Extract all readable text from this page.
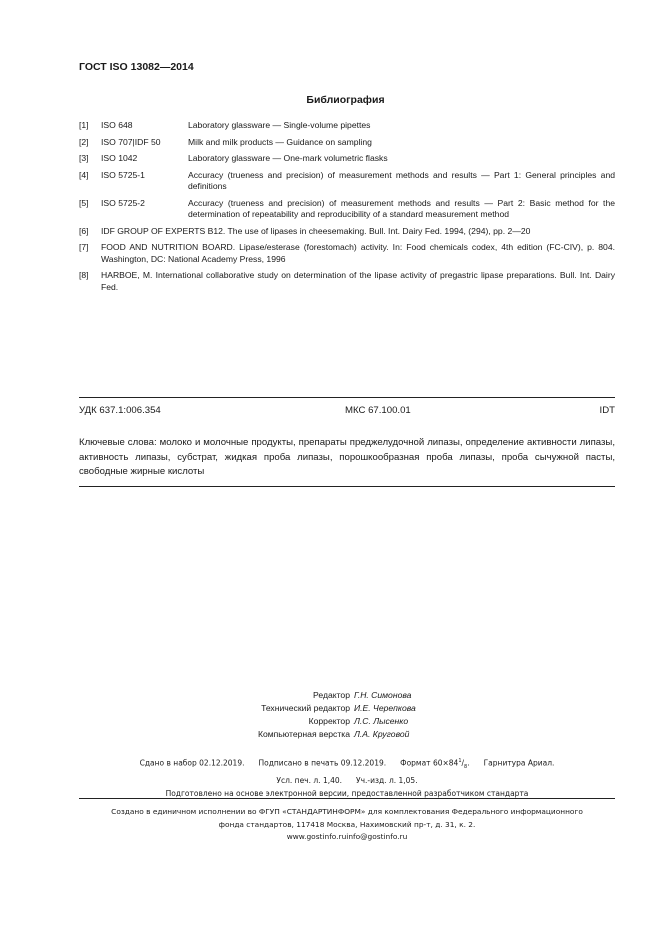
ГОСТ ISO 13082—2014
Библиография
[1]	ISO 648	Laboratory glassware — Single-volume pipettes
[2]	ISO 707|IDF 50	Milk and milk products — Guidance on sampling
[3]	ISO 1042	Laboratory glassware — One-mark volumetric flasks
[4]	ISO 5725-1	Accuracy (trueness and precision) of measurement methods and results — Part 1: General principles and definitions
[5]	ISO 5725-2	Accuracy (trueness and precision) of measurement methods and results — Part 2: Basic method for the determination of repeatability and reproducibility of a standard measurement method
[6]	IDF GROUP OF EXPERTS B12. The use of lipases in cheesemaking. Bull. Int. Dairy Fed. 1994, (294), pp. 2—20
[7]	FOOD AND NUTRITION BOARD. Lipase/esterase (forestomach) activity. In: Food chemicals codex, 4th edition (FC-CIV), p. 804. Washington, DC: National Academy Press, 1996
[8]	HARBOE, M. International collaborative study on determination of the lipase activity of pregastric lipase preparations. Bull. Int. Dairy Fed.
УДК 637.1:006.354	МКС 67.100.01	IDT
Ключевые слова: молоко и молочные продукты, препараты преджелудочной липазы, определение активности липазы, активность липазы, субстрат, жидкая проба липазы, порошкообразная проба липазы, проба сычужной пасты, свободные жирные кислоты
Редактор Г.Н. Симонова
Технический редактор И.Е. Черепкова
Корректор Л.С. Лысенко
Компьютерная верстка Л.А. Круговой
Сдано в набор 02.12.2019. Подписано в печать 09.12.2019. Формат $60\times 84^1/_8$. Гарнитура Ариал.
Усл. печ. л. 1,40. Уч.-изд. л. 1,05.
Подготовлено на основе электронной версии, предоставленной разработчиком стандарта
Создано в единичном исполнении во ФГУП «СТАНДАРТИНФОРМ» для комплектования Федерального информационного
фонда стандартов, 117418 Москва, Нахимовский пр-т, д. 31, к. 2.
www.gostinfo.ruinfo@gostinfo.ru
